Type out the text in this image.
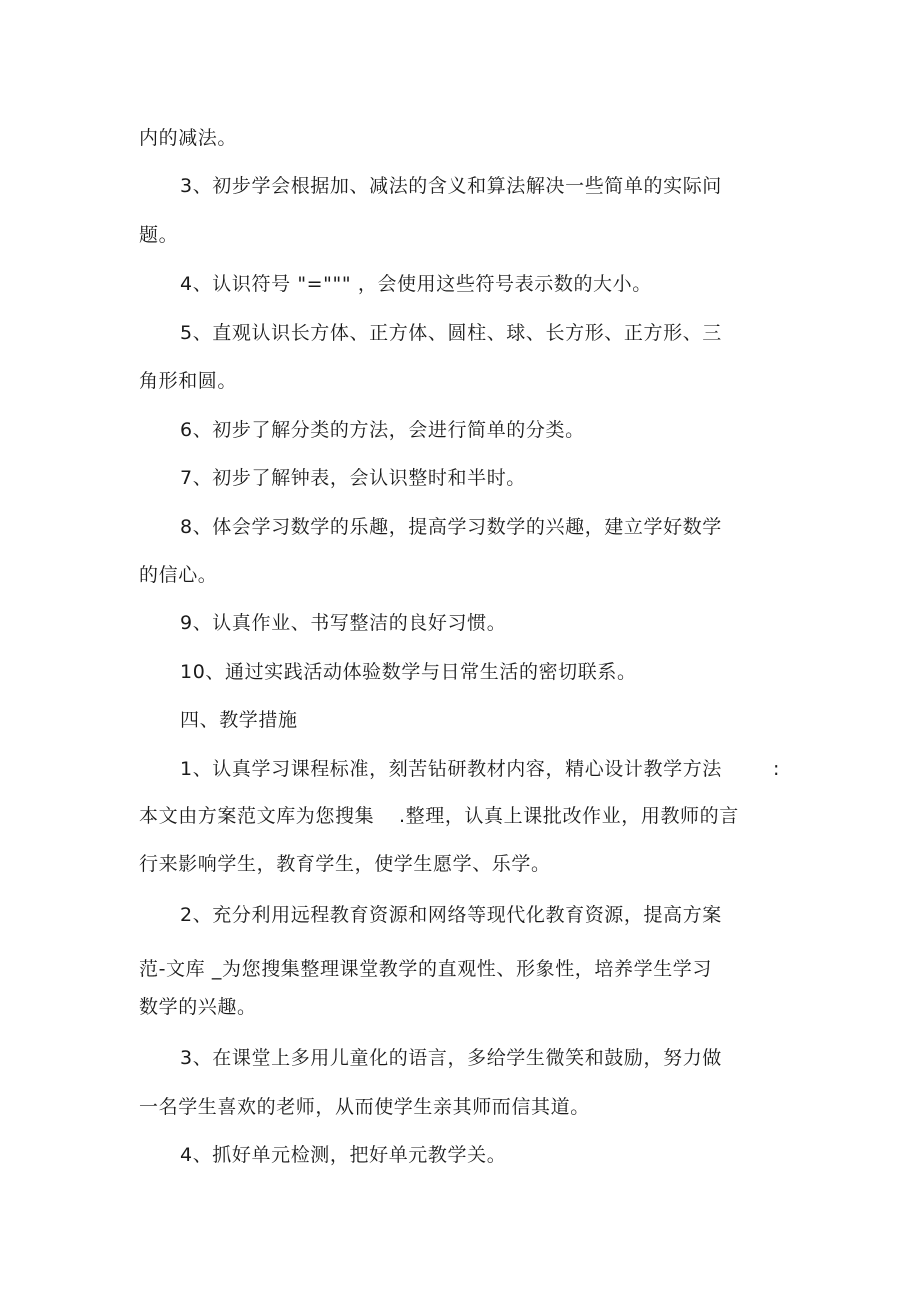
内的减法。
3、初步学会根据加、减法的含义和算法解决一些简单的实际问
题。
4、认识符号 "=""" ，会使用这些符号表示数的大小。
5、直观认识长方体、正方体、圆柱、球、长方形、正方形、三
角形和圆。
6、初步了解分类的方法，会进行简单的分类。
7、初步了解钟表，会认识整时和半时。
8、体会学习数学的乐趣，提高学习数学的兴趣，建立学好数学
的信心。
9、认真作业、书写整洁的良好习惯。
10、通过实践活动体验数学与日常生活的密切联系。
四、教学措施
1、认真学习课程标准，刻苦钻研教材内容，精心设计教学方法	:
本文由方案范文库为您搜集 .整理，认真上课批改作业，用教师的言
行来影响学生，教育学生，使学生愿学、乐学。
2、充分利用远程教育资源和网络等现代化教育资源，提高方案
范-文库 _为您搜集整理课堂教学的直观性、形象性，培养学生学习
数学的兴趣。
3、在课堂上多用儿童化的语言，多给学生微笑和鼓励，努力做
一名学生喜欢的老师，从而使学生亲其师而信其道。
4、抓好单元检测，把好单元教学关。
